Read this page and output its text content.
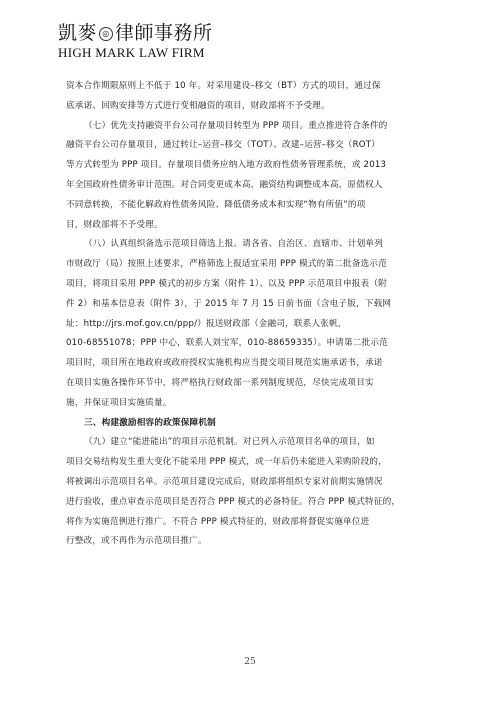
凱麥 ◎ 律師事務所
HIGH MARK LAW FIRM

资本合作期限原则上不低于 10 年。对采用建设–移交（BT）方式的项目，通过保
底承诺、回购安排等方式进行变相融资的项目，财政部将不予受理。

（七）优先支持融资平台公司存量项目转型为 PPP 项目。重点推进符合条件的
融资平台公司存量项目，通过转让–运营–移交（TOT）、改建–运营–移交（ROT）
等方式转型为 PPP 项目。存量项目债务应纳入地方政府性债务管理系统，或 2013
年全国政府性债务审计范围。对合同变更成本高，融资结构调整成本高，原债权人
不同意转换，不能化解政府性债务风险、降低债务成本和实现“物有所值”的项
目，财政部将不予受理。

（八）认真组织备选示范项目筛选上报。请各省、自治区、直辖市、计划单列
市财政厅（局）按照上述要求，严格筛选上报适宜采用 PPP 模式的第二批备选示范
项目，将项目采用 PPP 模式的初步方案（附件 1）、以及 PPP 示范项目申报表（附
件 2）和基本信息表（附件 3），于 2015 年 7 月 15 日前书面（含电子版，下载网
址：http://jrs.mof.gov.cn/ppp/）报送财政部（金融司，联系人张帆，
010-68551078；PPP 中心，联系人刘宝军，010-88659335）。申请第二批示范
项目时，项目所在地政府或政府授权实施机构应当提交项目规范实施承诺书，承诺
在项目实施各操作环节中，将严格执行财政部一系列制度规范，尽快完成项目实
施，并保证项目实施质量。

三、构建激励相容的政策保障机制

（九）建立“能进能出”的项目示范机制。对已列入示范项目名单的项目，如
项目交易结构发生重大变化不能采用 PPP 模式，或一年后仍未能进入采购阶段的，
将被调出示范项目名单。示范项目建设完成后，财政部将组织专家对前期实施情况
进行验收，重点审查示范项目是否符合 PPP 模式的必备特征。符合 PPP 模式特征的，
将作为实施范例进行推广。不符合 PPP 模式特征的，财政部将督促实施单位进
行整改，或不再作为示范项目推广。

25
